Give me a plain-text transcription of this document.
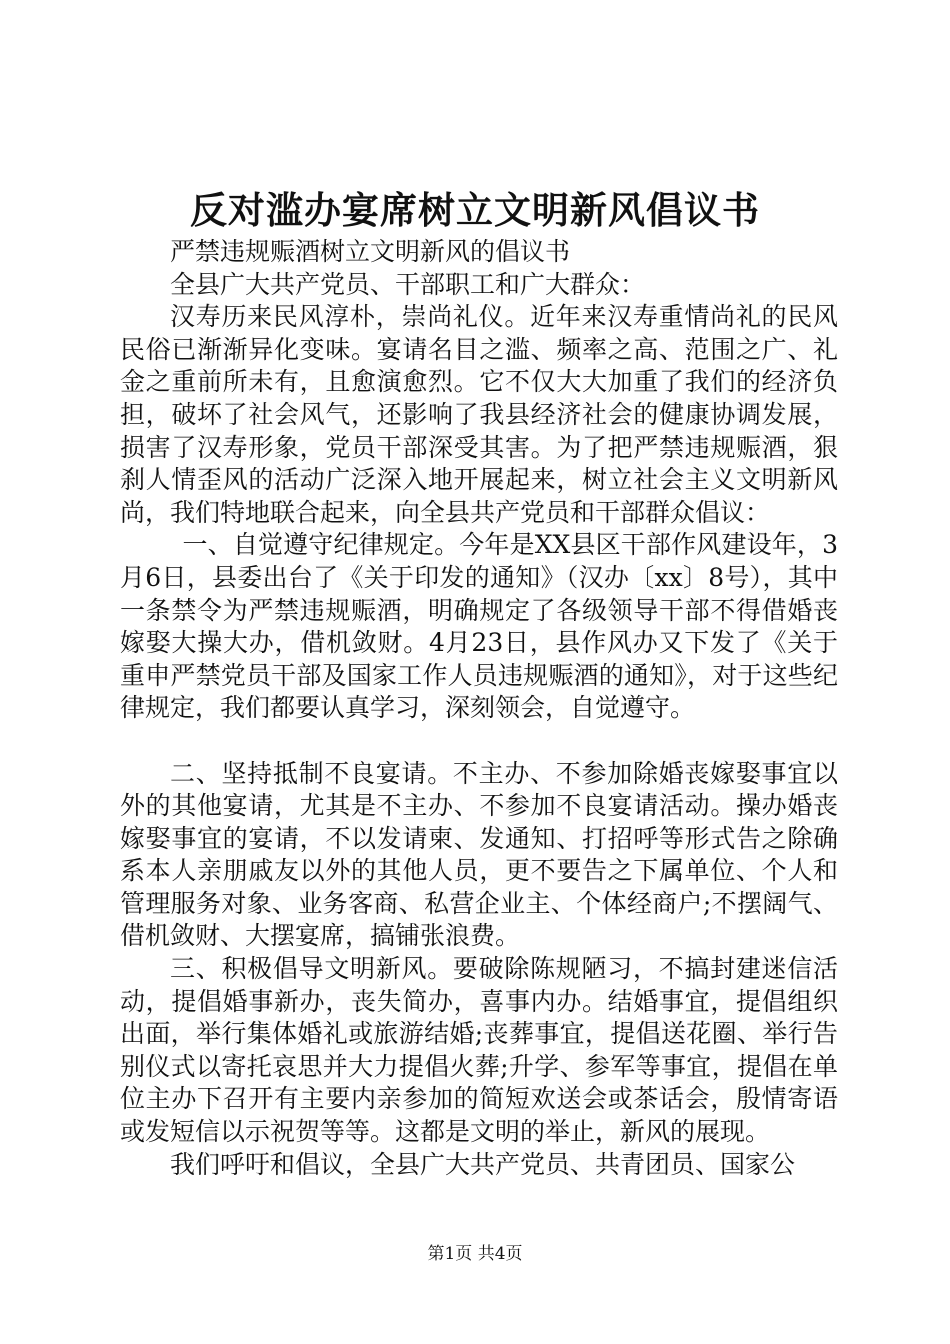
反对滥办宴席树立文明新风倡议书

严禁违规赈酒树立文明新风的倡议书

全县广大共产党员、干部职工和广大群众：

汉寿历来民风淳朴，崇尚礼仪。近年来汉寿重情尚礼的民风民俗已渐渐异化变味。宴请名目之滥、频率之高、范围之广、礼金之重前所未有，且愈演愈烈。它不仅大大加重了我们的经济负担，破坏了社会风气，还影响了我县经济社会的健康协调发展，损害了汉寿形象，党员干部深受其害。为了把严禁违规赈酒，狠刹人情歪风的活动广泛深入地开展起来，树立社会主义文明新风尚，我们特地联合起来，向全县共产党员和干部群众倡议：

一、自觉遵守纪律规定。今年是XX县区干部作风建设年，3月6日，县委出台了《关于印发的通知》（汉办〔xx〕8号），其中一条禁令为严禁违规赈酒，明确规定了各级领导干部不得借婚丧嫁娶大操大办，借机敛财。4月23日，县作风办又下发了《关于重申严禁党员干部及国家工作人员违规赈酒的通知》，对于这些纪律规定，我们都要认真学习，深刻领会，自觉遵守。

二、坚持抵制不良宴请。不主办、不参加除婚丧嫁娶事宜以外的其他宴请，尤其是不主办、不参加不良宴请活动。操办婚丧嫁娶事宜的宴请，不以发请柬、发通知、打招呼等形式告之除确系本人亲朋戚友以外的其他人员，更不要告之下属单位、个人和管理服务对象、业务客商、私营企业主、个体经商户;不摆阔气、借机敛财、大摆宴席，搞铺张浪费。

三、积极倡导文明新风。要破除陈规陋习，不搞封建迷信活动，提倡婚事新办，丧失简办，喜事内办。结婚事宜，提倡组织出面，举行集体婚礼或旅游结婚;丧葬事宜，提倡送花圈、举行告别仪式以寄托哀思并大力提倡火葬;升学、参军等事宜，提倡在单位主办下召开有主要内亲参加的简短欢送会或茶话会，殷情寄语或发短信以示祝贺等等。这都是文明的举止，新风的展现。

我们呼吁和倡议，全县广大共产党员、共青团员、国家公

第1页 共4页
